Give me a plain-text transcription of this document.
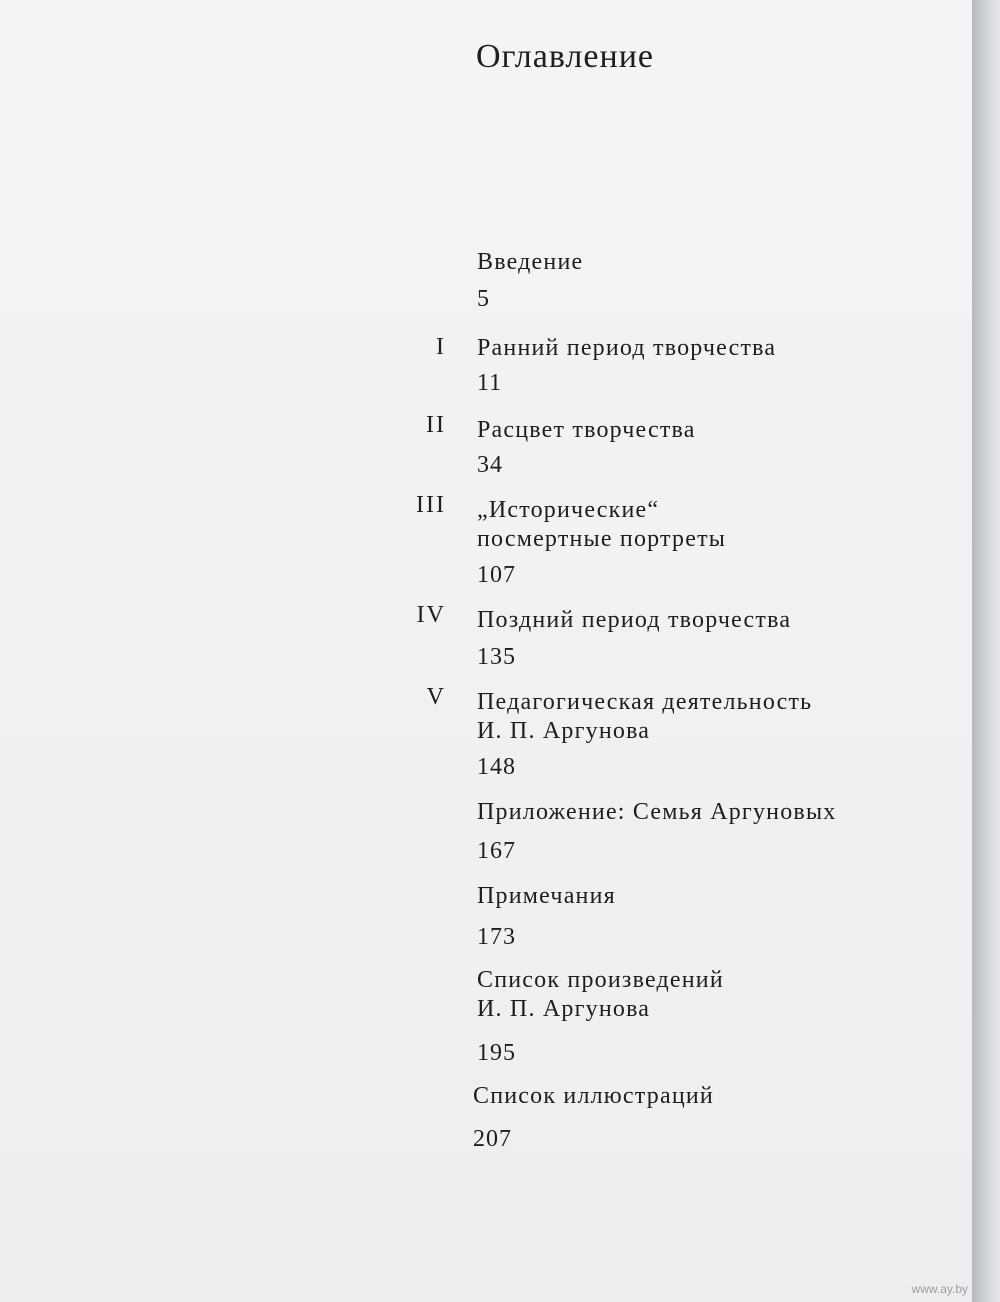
Оглавление
Введение
5
I Ранний период творчества
11
II Расцвет творчества
34
III „Исторические“
посмертные портреты
107
IV Поздний период творчества
135
V Педагогическая деятельность
И. П. Аргунова
148
Приложение: Семья Аргуновых
167
Примечания
173
Список произведений
И. П. Аргунова
195
Список иллюстраций
207
www.ay.by
